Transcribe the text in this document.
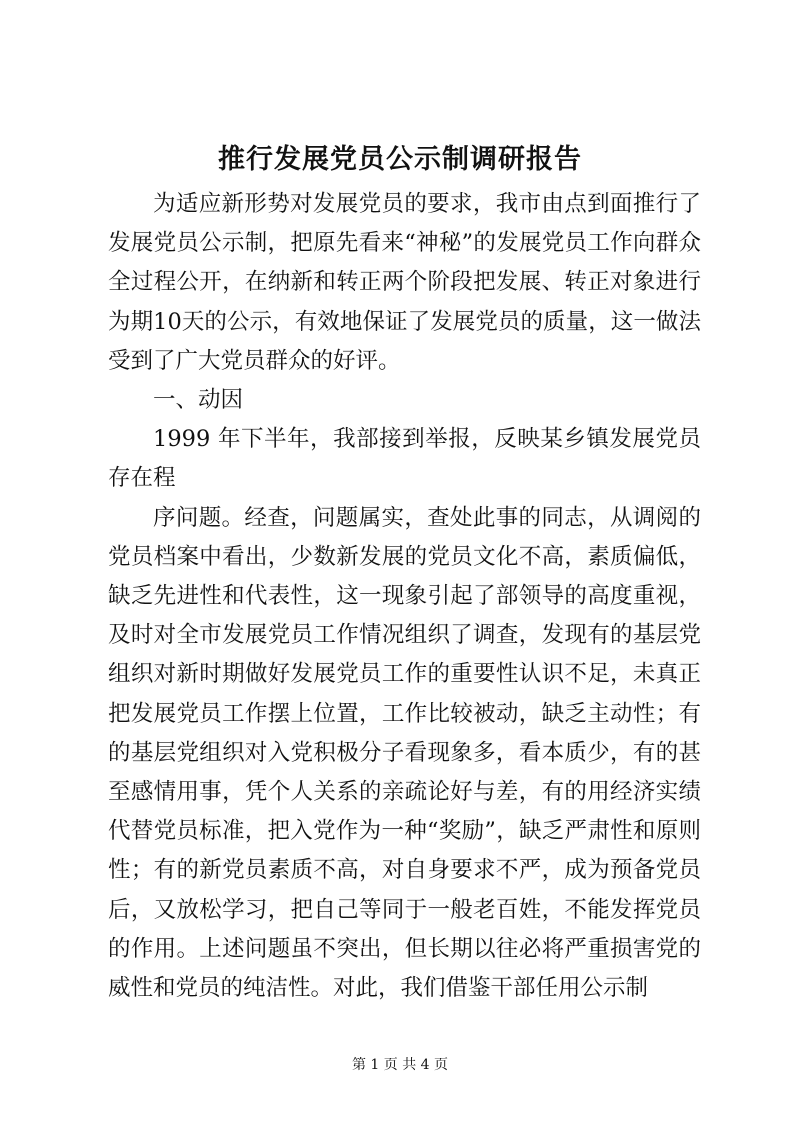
推行发展党员公示制调研报告

为适应新形势对发展党员的要求，我市由点到面推行了发展党员公示制，把原先看来“神秘”的发展党员工作向群众全过程公开，在纳新和转正两个阶段把发展、转正对象进行为期10天的公示，有效地保证了发展党员的质量，这一做法受到了广大党员群众的好评。

一、动因

1999 年下半年，我部接到举报，反映某乡镇发展党员存在程

序问题。经查，问题属实，查处此事的同志，从调阅的党员档案中看出，少数新发展的党员文化不高，素质偏低，缺乏先进性和代表性，这一现象引起了部领导的高度重视，及时对全市发展党员工作情况组织了调查，发现有的基层党组织对新时期做好发展党员工作的重要性认识不足，未真正把发展党员工作摆上位置，工作比较被动，缺乏主动性；有的基层党组织对入党积极分子看现象多，看本质少，有的甚至感情用事，凭个人关系的亲疏论好与差，有的用经济实绩代替党员标准，把入党作为一种“奖励”，缺乏严肃性和原则性；有的新党员素质不高，对自身要求不严，成为预备党员后，又放松学习，把自己等同于一般老百姓，不能发挥党员的作用。上述问题虽不突出，但长期以往必将严重损害党的威性和党员的纯洁性。对此，我们借鉴干部任用公示制

第 1 页 共 4 页
